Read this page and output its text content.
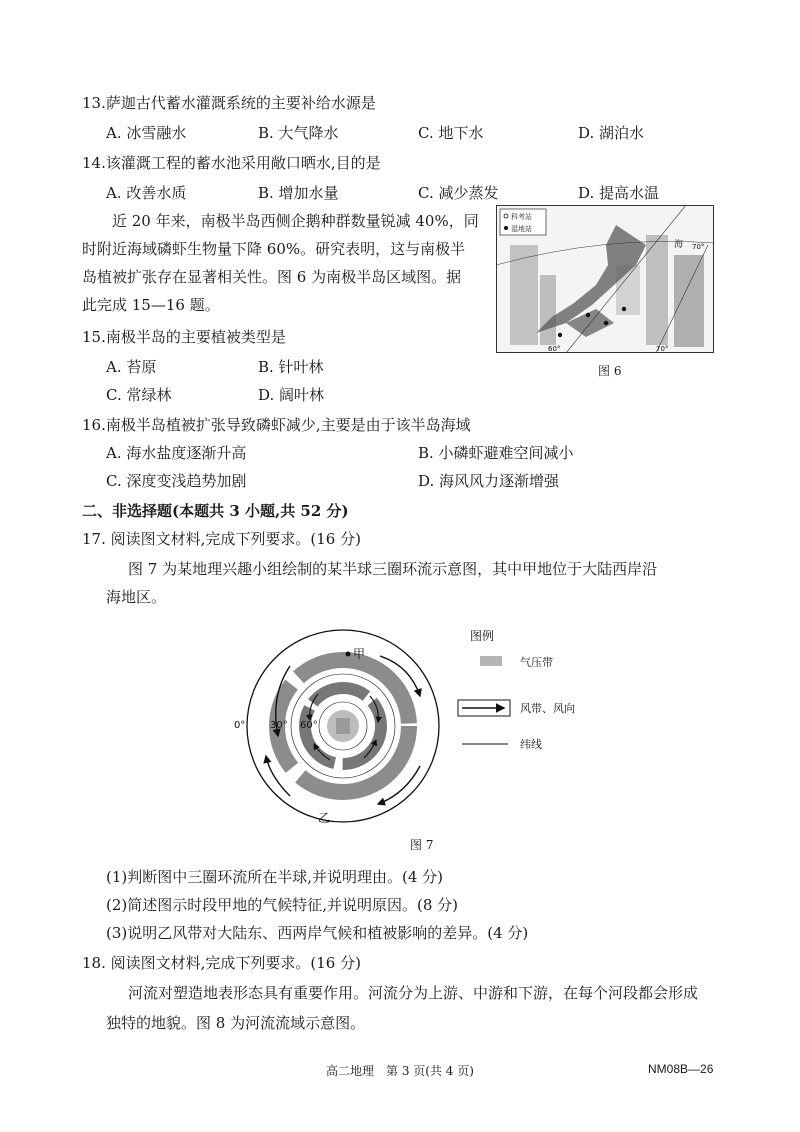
13.萨迦古代蓄水灌溉系统的主要补给水源是
A. 冰雪融水	B. 大气降水	C. 地下水	D. 湖泊水
14.该灌溉工程的蓄水池采用敞口晒水,目的是
A. 改善水质	B. 增加水量	C. 减少蒸发	D. 提高水温
近 20 年来，南极半岛西侧企鹅种群数量锐减 40%，同
时附近海域磷虾生物量下降 60%。研究表明，这与南极半
岛植被扩张存在显著相关性。图 6 为南极半岛区域图。据
此完成 15—16 题。
科考站
湿地站
海 70°
60°	70°
图 6
15.南极半岛的主要植被类型是
A. 苔原	B. 针叶林
C. 常绿林	D. 阔叶林
16.南极半岛植被扩张导致磷虾减少,主要是由于该半岛海域
A. 海水盐度逐渐升高	B. 小磷虾避难空间减小
C. 深度变浅趋势加剧	D. 海风风力逐渐增强
二、非选择题(本题共 3 小题,共 52 分)
17. 阅读图文材料,完成下列要求。(16 分)
图 7 为某地理兴趣小组绘制的某半球三圈环流示意图，其中甲地位于大陆西岸沿
海地区。
甲
乙
0° 30° 60°
图例
气压带
风带、风向
纬线
图 7
(1)判断图中三圈环流所在半球,并说明理由。(4 分)
(2)简述图示时段甲地的气候特征,并说明原因。(8 分)
(3)说明乙风带对大陆东、西两岸气候和植被影响的差异。(4 分)
18. 阅读图文材料,完成下列要求。(16 分)
河流对塑造地表形态具有重要作用。河流分为上游、中游和下游，在每个河段都会形成
独特的地貌。图 8 为河流流域示意图。
高二地理　第 3 页(共 4 页)	NM08B—26
